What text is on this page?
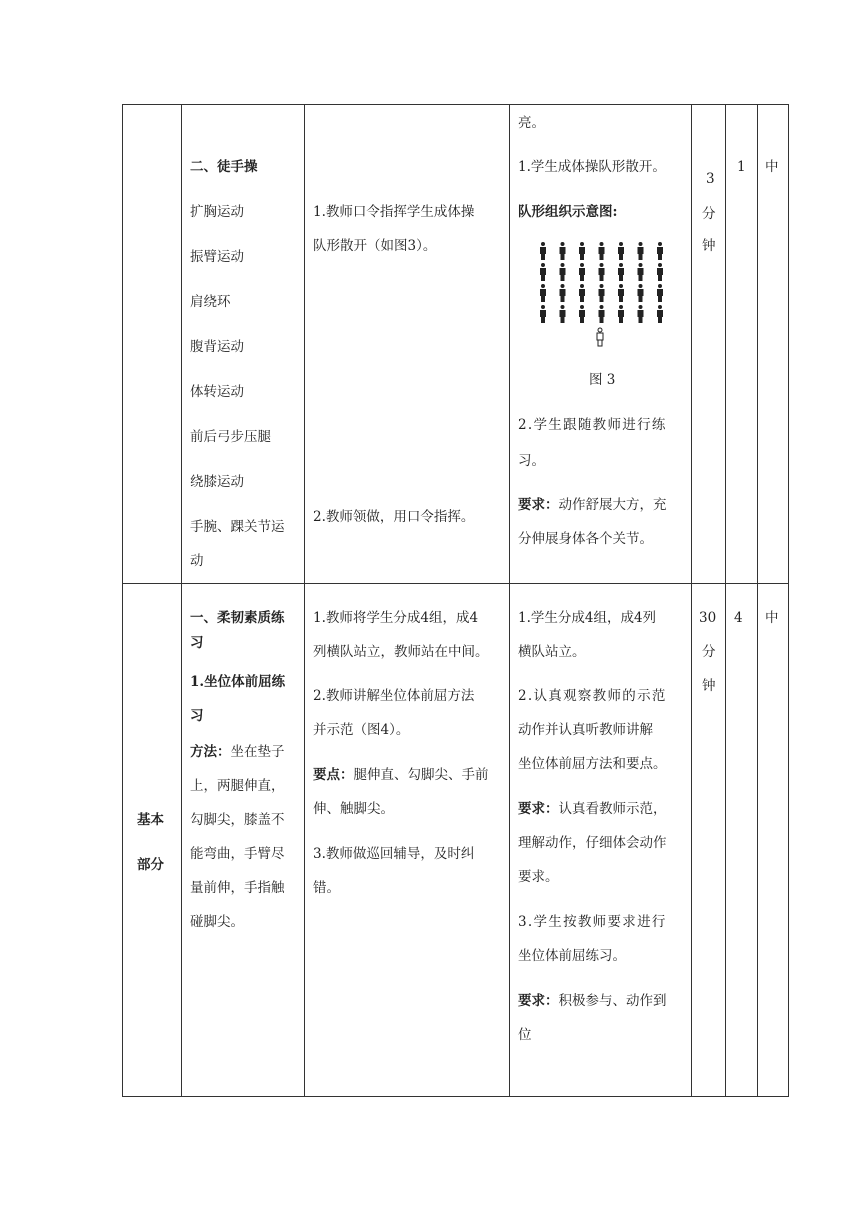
二、徒手操
扩胸运动
振臂运动
肩绕环
腹背运动
体转运动
前后弓步压腿
绕膝运动
手腕、踝关节运
动
1.教师口令指挥学生成体操
队形散开（如图3）。
2.教师领做，用口令指挥。
亮。
1.学生成体操队形散开。
队形组织示意图:
图 3
2.学生跟随教师进行练
习。
要求：动作舒展大方，充
分伸展身体各个关节。
3
分
钟
1 中
基本
部分
一、柔韧素质练
习
1.坐位体前屈练
习
方法：坐在垫子
上，两腿伸直，
勾脚尖，膝盖不
能弯曲，手臂尽
量前伸，手指触
碰脚尖。
1.教师将学生分成4组，成4
列横队站立，教师站在中间。
2.教师讲解坐位体前屈方法
并示范（图4）。
要点：腿伸直、勾脚尖、手前
伸、触脚尖。
3.教师做巡回辅导，及时纠
错。
1.学生分成4组，成4列
横队站立。
2.认真观察教师的示范
动作并认真听教师讲解
坐位体前屈方法和要点。
要求：认真看教师示范，
理解动作，仔细体会动作
要求。
3.学生按教师要求进行
坐位体前屈练习。
要求：积极参与、动作到
位
30
分
钟
4 中
